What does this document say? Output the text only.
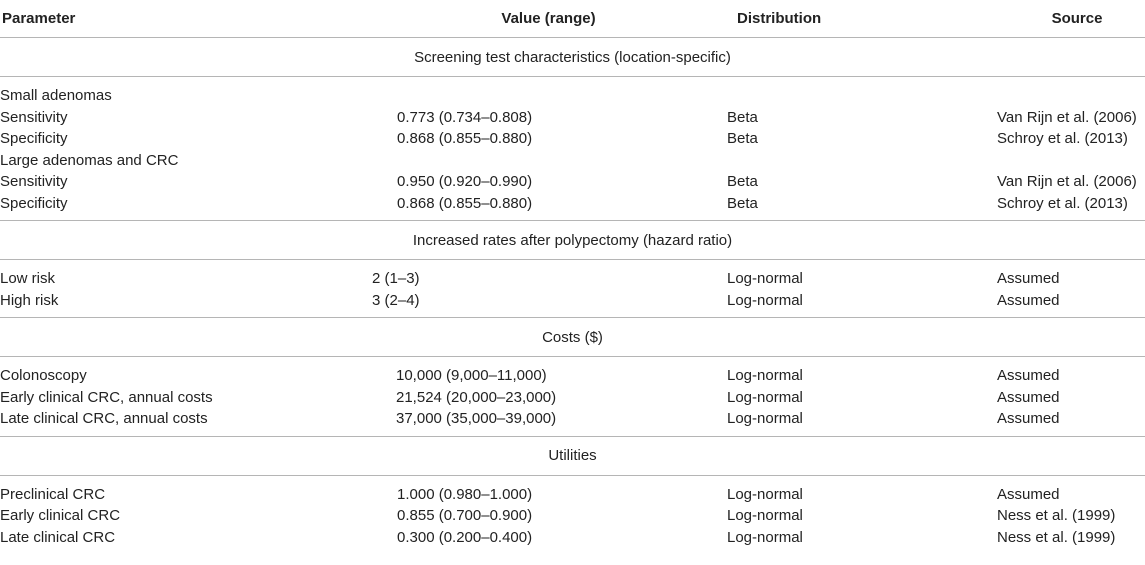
Parameter	Value (range)	Distribution	Source
Screening test characteristics (location-specific)			
Small adenomas			
Sensitivity	0.773 (0.734–0.808)	Beta	Van Rijn et al. (2006)
Specificity	0.868 (0.855–0.880)	Beta	Schroy et al. (2013)
Large adenomas and CRC			
Sensitivity	0.950 (0.920–0.990)	Beta	Van Rijn et al. (2006)
Specificity	0.868 (0.855–0.880)	Beta	Schroy et al. (2013)
Increased rates after polypectomy (hazard ratio)			
Low risk	2 (1–3)	Log-normal	Assumed
High risk	3 (2–4)	Log-normal	Assumed
Costs ($)			
Colonoscopy	10,000 (9,000–11,000)	Log-normal	Assumed
Early clinical CRC, annual costs	21,524 (20,000–23,000)	Log-normal	Assumed
Late clinical CRC, annual costs	37,000 (35,000–39,000)	Log-normal	Assumed
Utilities			
Preclinical CRC	1.000 (0.980–1.000)	Log-normal	Assumed
Early clinical CRC	0.855 (0.700–0.900)	Log-normal	Ness et al. (1999)
Late clinical CRC	0.300 (0.200–0.400)	Log-normal	Ness et al. (1999)
